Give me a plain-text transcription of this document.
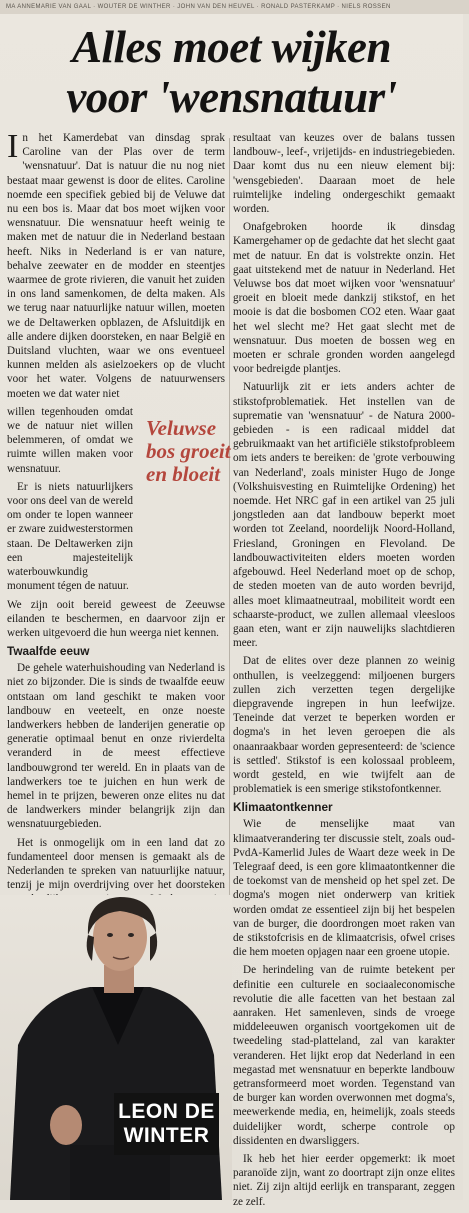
MA ANNEMARIE VAN GAAL · WOUTER DE WINTHER · JOHN VAN DEN HEUVEL · RONALD PASTERKAMP · NIELS ROSSEN
Alles moet wijken
voor 'wensnatuur'

In het Kamerdebat van dinsdag sprak Caroline van der Plas over de term 'wensnatuur'. Dat is natuur die nu nog niet bestaat maar gewenst is door de elites. Caroline noemde een specifiek gebied bij de Veluwe dat nu een bos is. Maar dat bos moet wijken voor wensnatuur. Die wensnatuur heeft weinig te maken met de natuur die in Nederland bestaan heeft. Niks in Nederland is er van nature, behalve zeewater en de modder en steentjes waarmee de grote rivieren, die vanuit het zuiden in ons land samenkomen, de delta maken. Als we terug naar natuurlijke natuur willen, moeten we de Deltawerken opblazen, de Afsluitdijk en alle andere dijken doorsteken, en naar België en Duitsland vluchten, waar we ons eventueel kunnen melden als asielzoekers op de vlucht voor het water. Volgens de natuurwensers moeten we dat water niet

willen tegenhouden omdat we de natuur niet willen belemmeren, of omdat we ruimte willen maken voor wensnatuur.

Er is niets natuurlijkers voor ons deel van de wereld om onder te lopen wanneer er zware zuidwesterstormen staan. De Deltawerken zijn een majesteitelijk waterbouwkundig monument tégen de natuur.

We zijn ooit bereid geweest de Zeeuwse eilanden te beschermen, en daarvoor zijn er werken uitgevoerd die hun weerga niet kennen.

Twaalfde eeuw

De gehele waterhuishouding van Nederland is niet zo bijzonder. Die is sinds de twaalfde eeuw ontstaan om land geschikt te maken voor landbouw en veeteelt, en onze noeste landwerkers hebben de landerijen generatie op generatie optimaal benut en onze rivierdelta veranderd in de meest effectieve landbouwgrond ter wereld. En in plaats van de landwerkers toe te juichen en hun werk de hemel in te prijzen, beweren onze elites nu dat de landwerkers minder belangrijk zijn dan wensnatuurgebieden.

Het is onmogelijk om in een land dat zo fundamenteel door mensen is gemaakt als de Nederlanden te spreken van natuurlijke natuur, tenzij je mijn overdrijving over het doorsteken

Veluwse
bos groeit
en bloeit

resultaat van keuzes over de balans tussen landbouw-, leef-, vrijetijds- en industriegebieden. Daar komt dus nu een nieuw element bij: 'wensgebieden'. Daaraan moet de hele ruimtelijke indeling ondergeschikt gemaakt worden.

Onafgebroken hoorde ik dinsdag Kamergehamer op de gedachte dat het slecht gaat met de natuur. En dat is volstrekte onzin. Het gaat uitstekend met de natuur in Nederland. Het Veluwse bos dat moet wijken voor 'wensnatuur' groeit en bloeit mede dankzij stikstof, en het mooie is dat die bosbomen CO2 eten. Waar gaat het wel slecht me? Het gaat slecht met de wensnatuur. Dus moeten de bossen weg en moeten er schrale gronden worden aangelegd voor bedreigde plantjes.

Natuurlijk zit er iets anders achter de stikstofproblematiek. Het instellen van de suprematie van 'wensnatuur' - de Natura 2000-gebieden - is een radicaal middel dat gebruikmaakt van het artificiële stikstofprobleem om iets anders te bereiken: de 'grote verbouwing van Nederland', zoals minister Hugo de Jonge (Volkshuisvesting en Ruimtelijke Ordening) het noemde. Het NRC gaf in een artikel van 25 juli jongstleden aan dat landbouw beperkt moet worden tot Zeeland, noordelijk Noord-Holland, Friesland, Groningen en Flevoland. De landbouwactiviteiten elders moeten worden afgebouwd. Heel Nederland moet op de schop, de steden moeten van de auto worden bevrijd, alles moet klimaatneutraal, mobiliteit wordt een schaarste-product, we zullen allemaal vleesloos gaan eten, want er zijn nauwelijks slachtdieren meer.

Dat de elites over deze plannen zo weinig onthullen, is veelzeggend: miljoenen burgers zullen zich verzetten tegen dergelijke diepgravende ingrepen in hun leefwijze. Teneinde dat verzet te beperken worden er dogma's in het leven geroepen die als onaanraakbaar worden gepresenteerd: de 'science is settled'. Stikstof is een kolossaal probleem, wordt gesteld, en wie twijfelt aan de problematiek is een smerige stikstofontkenner.

Klimaatontkenner

Wie de menselijke maat van klimaatverandering ter discussie stelt, zoals oud-PvdA-Kamerlid Jules de Waart deze week in De Telegraaf deed, is een gore klimaatontkenner die de toekomst van de mensheid op het spel zet. De dogma's mogen niet onderwerp van kritiek worden omdat ze essentieel zijn bij het bespelen van de burger, die doordrongen moet raken van de stikstofcrisis en de klimaatcrisis, ofwel crises die hem moeten opjagen naar een groene utopie.

De herindeling van de ruimte betekent per definitie een culturele en sociaaleconomische revolutie die alle facetten van het bestaan zal aanraken. Het samenleven, sinds de vroege middeleeuwen organisch voortgekomen uit de tweedeling stad-platteland, zal van karakter veranderen. Het lijkt erop dat Nederland in een megastad met wensnatuur en beperkte landbouw getransformeerd moet worden. Tegenstand van de burger kan worden overwonnen met dogma's, meewerkende media, en, heimelijk, zoals steeds duidelijker wordt, scherpe controle op dissidenten en dwarsliggers.

Ik heb het hier eerder opgemerkt: ik moet paranoïde zijn, want zo doortrapt zijn onze elites niet. Zij zijn altijd eerlijk en transparant, zeggen ze zelf.

LEON DE
WINTER
